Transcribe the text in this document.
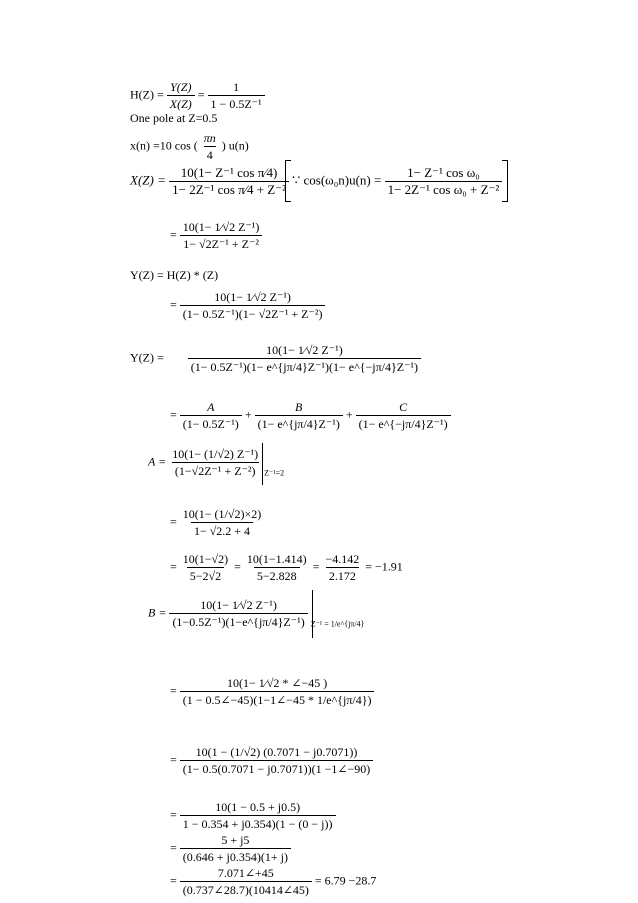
$H(Z) = \frac{Y(Z)}{X(Z)} = \frac{1}{\text{1 − 0.5Z⁻¹}}$
One pole at Z=0.5
x(n) =10 cos ( $\frac{\pi n}{4}$ ) u(n)
$X(Z) = \frac{\text{10(1− Z⁻¹ cos π⁄4)}}{\text{1− 2Z⁻¹ cos π⁄4 + Z⁻²}}$ ∵ $\cos(\omega_0n)u(n) = \frac{\text{1− Z⁻¹ cos ω₀}}{\text{1− 2Z⁻¹ cos ω₀ + Z⁻²}}$
= $\frac{\text{10(1− 1⁄√2 Z⁻¹)}}{\text{1− √2Z⁻¹ + Z⁻²}}$
Y(Z) = H(Z) * (Z)
= $\frac{\text{10(1− 1⁄√2 Z⁻¹)}}{\text{(1− 0.5Z⁻¹)(1− √2Z⁻¹ + Z⁻²)}}$
$Y(Z) = \frac{\text{10(1− 1⁄√2 Z⁻¹)}}{\text{(1− 0.5Z⁻¹)(1− e\textasciicircum{}\{jπ/4\}Z⁻¹)(1− e\textasciicircum{}\{−jπ/4\}Z⁻¹)}}$
= $\frac{A}{\text{(1− 0.5Z⁻¹)}} + \frac{B}{\text{(1− e\textasciicircum{}\{jπ/4\}Z⁻¹)}} + \frac{C}{\text{(1− e\textasciicircum{}\{−jπ/4\}Z⁻¹)}}$
$A = \frac{\text{10(1− (1/√2) Z⁻¹)}}{\text{(1−√2Z⁻¹ + Z⁻²)}} _{Z^{-1}=2}$
= $\frac{10(1- (1/√2)\times 2)}{1- √2.2 + 4}$
= $\frac{10(1-√2)}{5-2√2} = \frac{10(1-1.414)}{5-2.828} = \frac{-4.142}{2.172} = -1.91$
$B = \frac{\text{10(1− 1⁄√2 Z⁻¹)}}{\text{(1−0.5Z⁻¹)(1−e\textasciicircum{}\{jπ/4\}Z⁻¹)}} _{Z^{-1} = 1/e\^{}\{j\pi/4\}}$
= $\frac{10(1- 1⁄√2 * \angle-45 )}{(1 - 0.5\angle-45)(1-1\angle-45 * 1/e\^{}\{j\pi/4\})}$
= $\frac{10(1 - (1/√2) (0.7071 - j0.7071))}{(1- 0.5(0.7071 - j0.7071))(1 -1\angle-90)}$
= $\frac{10(1 - 0.5 + j0.5)}{1 - 0.354 + j0.354)(1 - (0 - j))}$
= $\frac{5 + j5}{(0.646 + j0.354)(1+ j)}$
= $\frac{7.071\angle+45}{(0.737\angle 28.7)(10414\angle 45)} = 6.79 -28.7$
